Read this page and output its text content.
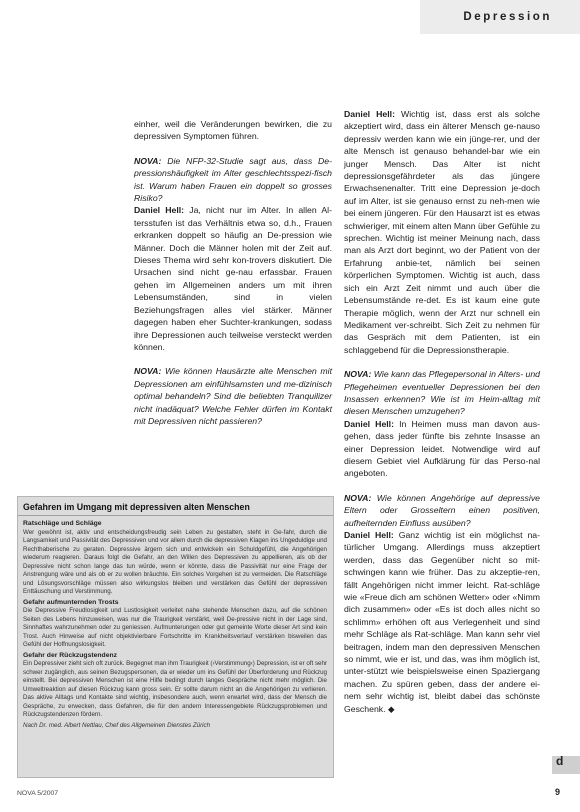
Depression

einher, weil die Veränderungen bewirken, die zu depressiven Symptomen führen.

NOVA: Die NFP-32-Studie sagt aus, dass De-pressionshäufigkeit im Alter geschlechtsspezi-fisch ist. Warum haben Frauen ein doppelt so grosses Risiko?

Daniel Hell: Ja, nicht nur im Alter. In allen Al-tersstufen ist das Verhältnis etwa so, d.h., Frauen erkranken doppelt so häufig an De-pression wie Männer. Doch die Männer holen mit der Zeit auf. Dieses Thema wird sehr kon-trovers diskutiert. Die Ursachen sind nicht ge-nau erfassbar. Frauen gehen im Allgemeinen anders um mit ihren Lebensumständen, sind in vielen Beziehungsfragen alles viel stärker. Männer dagegen haben eher Suchter-krankungen, sodass ihre Depressionen auch teilweise versteckt werden können.

NOVA: Wie können Hausärzte alte Menschen mit Depressionen am einfühlsamsten und me-dizinisch optimal behandeln? Sind die beliebten Tranquilizer nicht inadäquat? Welche Fehler dürfen im Kontakt mit Depressiven nicht passieren?

Daniel Hell: Wichtig ist, dass erst als solche akzeptiert wird, dass ein älterer Mensch ge-nauso depressiv werden kann wie ein jünge-rer, und der alte Mensch ist genauso behandel-bar wie ein junger Mensch. Das Alter ist nicht depressionsgefährdeter als das jüngere Erwachsenenalter. Tritt eine Depression je-doch auf im Alter, ist sie genauso ernst zu neh-men wie bei einem jüngeren. Für den Hausarzt ist es etwas schwieriger, mit einem alten Mann über Gefühle zu sprechen. Wichtig ist meiner Meinung nach, dass man als Arzt dort beginnt, wo der Patient von der Erfahrung anbie-tet, nämlich bei seinen körperlichen Symptomen. Wichtig ist auch, dass sich ein Arzt Zeit nimmt und auch über die Lebensumstände re-det. Es ist kaum eine gute Therapie möglich, wenn der Arzt nur schnell ein Medikament ver-schreibt. Sich Zeit zu nehmen für das Gespräch mit dem Patienten, ist ein schlaggebend für die Depressionstherapie.

NOVA: Wie kann das Pflegepersonal in Alters- und Pflegeheimen eventueller Depressionen bei den Insassen erkennen? Wie ist im Heim-alltag mit diesen Menschen umzugehen?

Daniel Hell: In Heimen muss man davon aus-gehen, dass jeder fünfte bis zehnte Insasse an einer Depression leidet. Notwendige wird auf diesem Gebiet viel Aufklärung für das Perso-nal angeboten.

NOVA: Wie können Angehörige auf depressive Eltern oder Grosseltern einen positiven, aufheiternden Einfluss ausüben?

Daniel Hell: Ganz wichtig ist ein möglichst na-türlicher Umgang. Allerdings muss akzeptiert werden, dass das Gegenüber nicht so mit-schwingen kann wie früher. Das zu akzeptie-ren, fällt Angehörigen nicht immer leicht. Rat-schläge wie «Freue dich am schönen Wetter» oder «Nimm dich zusammen» oder «Es ist doch alles nicht so schlimm» erhöhen oft aus Verlegenheit und sind mehr Schläge als Rat-schläge. Man kann sehr viel beitragen, indem man den depressiven Menschen so nimmt, wie er ist, und das, was ihm möglich ist, unter-stützt wie beispielsweise einen Spaziergang machen. Zu spüren geben, dass der andere ei-nem sehr wichtig ist, bleibt dabei das schönste Geschenk. ◆

Gefahren im Umgang mit depressiven alten Menschen
Ratschläge und Schläge

Wer gewöhnt ist, aktiv und entscheidungsfreudig sein Leben zu gestalten, steht in Ge-fahr, durch die Langsamkeit und Passivität des Depressiven und vor allem durch die depressiven Klagen ins Ungeduldige und Rechthaberische zu geraten. Depressive ärgern sich und entwickeln ein Schuldgefühl, die Angehörigen wiederum reagieren. Daraus folgt die Gefahr, an den Willen des Depressiven zu appellieren, als ob der Depressive nicht schon lange das tun würde, wenn er könnte, dass die Passivität nur eine Frage der Anstrengung wäre und als ob er zu wollen bräuchte. Ein solches Vorgehen ist zu vermeiden. Die Ratschläge und Lösungsvorschläge müssen also wirkungslos bleiben und verstärken das Gefühl der depressiven Enttäuschung und Verstimmung.

Gefahr aufmunternden Trosts

Die Depressive Freudlosigkeit und Lustlosigkeit verleitet nahe stehende Menschen dazu, auf die schönen Seiten des Lebens hinzuweisen, was nur die Traurigkeit verstärkt, weil De-pressive nicht in der Lage sind, Sinnhaftes wahrzunehmen oder zu geniessen. Aufmunterungen oder gut gemeinte Worte dieser Art sind kein Trost. Auch Hinweise auf nicht objektivierbare Fortschritte im Krankheitsverlauf verstärken bisweilen das Gefühl der Hoffnungslosigkeit.

Gefahr der Rückzugstendenz

Ein Depressiver zieht sich oft zurück. Begegnet man ihm Traurigkeit (›Verstimmung‹) Depression, ist er oft sehr schwer zugänglich, aus seinen Bezugspersonen, da er wieder um ins Gefühl der Überforderung und Rückzug einstellt. Bei depressiven Menschen ist eine Hilfe bedingt durch langes Gespräche nicht mehr möglich. Die Umweltreaktion auf diesen Rückzug kann gross sein. Er sollte darum nicht an die Angehörigen zu verlieren. Das aktive Alltags und Kontakte sind wichtig, insbesondere auch, wenn erwartet wird, dass der Mensch die Gespräche, zu erwecken, dass Gefahren, die für den andern Interessengebiete Rückzugsproblemen und Rückzugstendenzen fördern.

Nach Dr. med. Albert Nettlau, Chef des Allgemeinen Dienstes Zürich
d
NOVA 5/2007	9
